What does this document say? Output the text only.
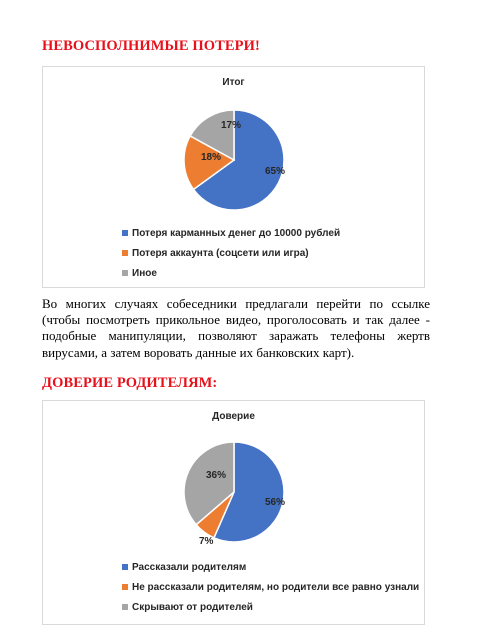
НЕВОСПОЛНИМЫЕ ПОТЕРИ!
Итог
65%
18%
17%
Потеря карманных денег до 10000 рублей
Потеря аккаунта (соцсети или игра)
Иное

Во многих случаях собеседники предлагали перейти по ссылке (чтобы посмотреть прикольное видео, проголосовать и так далее - подобные манипуляции, позволяют заражать телефоны жертв вирусами, а затем воровать данные их банковских карт).

ДОВЕРИЕ РОДИТЕЛЯМ:
Доверие
56%
7%
36%
Рассказали родителям
Не рассказали родителям, но родители все равно узнали
Скрывают от родителей
